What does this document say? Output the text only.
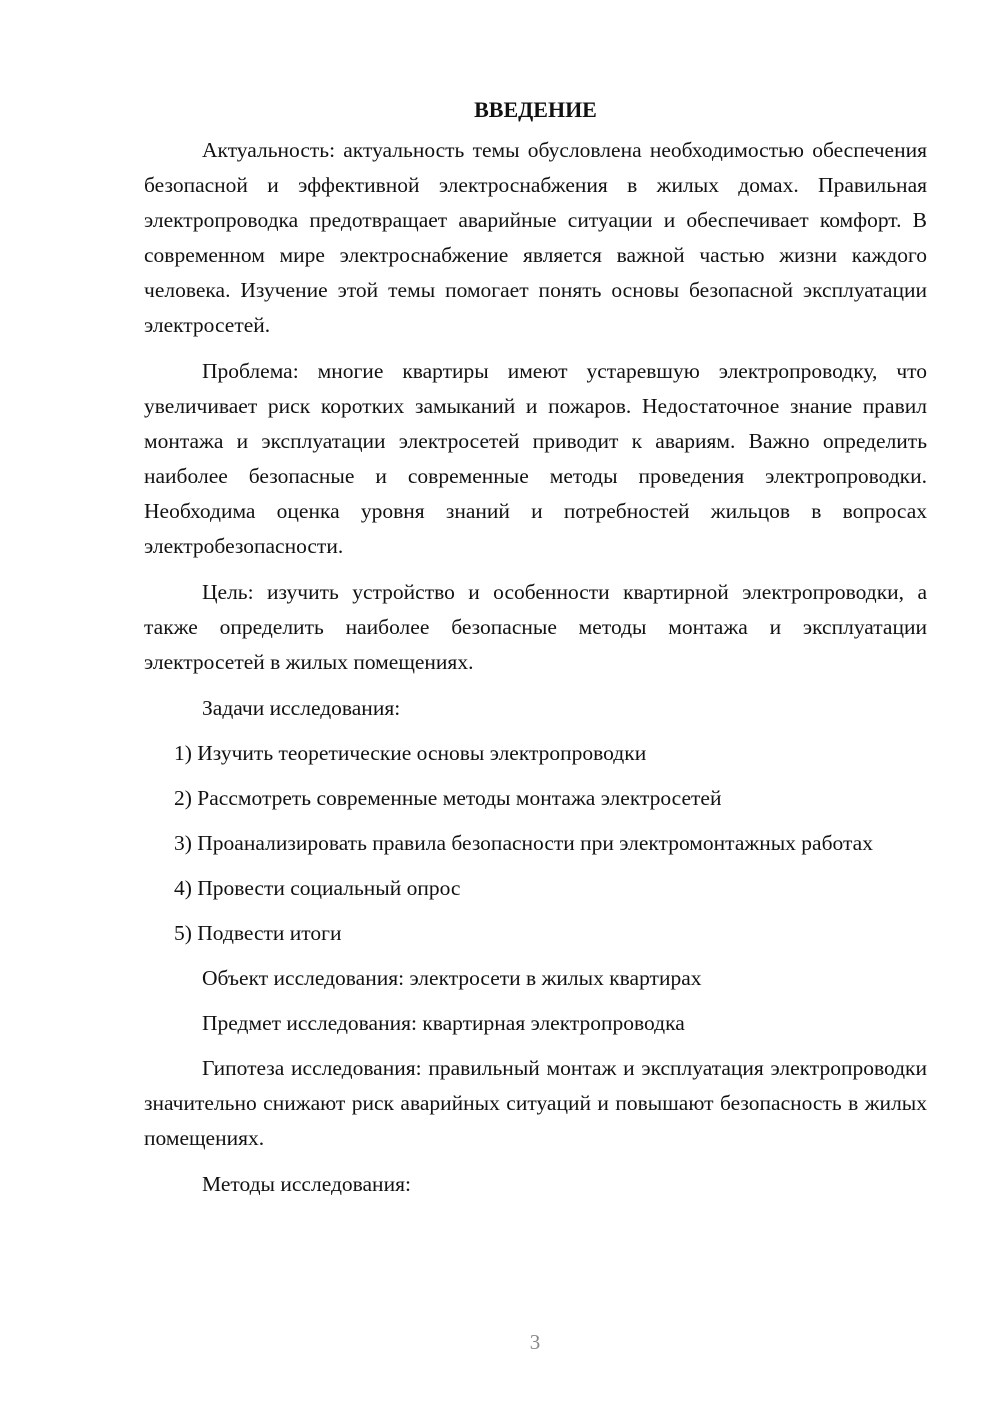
ВВЕДЕНИЕ

Актуальность: актуальность темы обусловлена необходимостью обеспечения безопасной и эффективной электроснабжения в жилых домах. Правильная электропроводка предотвращает аварийные ситуации и обеспечивает комфорт. В современном мире электроснабжение является важной частью жизни каждого человека. Изучение этой темы помогает понять основы безопасной эксплуатации электросетей.

Проблема: многие квартиры имеют устаревшую электропроводку, что увеличивает риск коротких замыканий и пожаров. Недостаточное знание правил монтажа и эксплуатации электросетей приводит к авариям. Важно определить наиболее безопасные и современные методы проведения электропроводки. Необходима оценка уровня знаний и потребностей жильцов в вопросах электробезопасности.

Цель: изучить устройство и особенности квартирной электропроводки, а также определить наиболее безопасные методы монтажа и эксплуатации электросетей в жилых помещениях.

Задачи исследования:

1) Изучить теоретические основы электропроводки

2) Рассмотреть современные методы монтажа электросетей

3) Проанализировать правила безопасности при электромонтажных работах

4) Провести социальный опрос

5) Подвести итоги

Объект исследования: электросети в жилых квартирах

Предмет исследования: квартирная электропроводка

Гипотеза исследования: правильный монтаж и эксплуатация электропроводки значительно снижают риск аварийных ситуаций и повышают безопасность в жилых помещениях.

Методы исследования:

3
